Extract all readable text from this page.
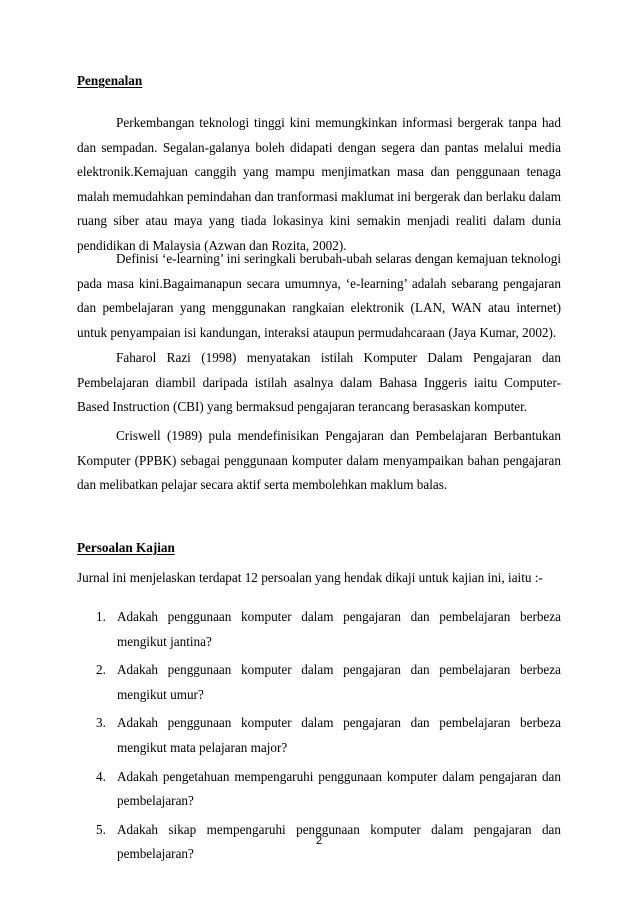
Pengenalan

Perkembangan teknologi tinggi kini memungkinkan informasi bergerak tanpa had dan sempadan. Segalan-galanya boleh didapati dengan segera dan pantas melalui media elektronik.Kemajuan canggih yang mampu menjimatkan masa dan penggunaan tenaga malah memudahkan pemindahan dan tranformasi maklumat ini bergerak dan berlaku dalam ruang siber atau maya yang tiada lokasinya kini semakin menjadi realiti dalam dunia pendidikan di Malaysia (Azwan dan Rozita, 2002).

Definisi ‘e-learning’ ini seringkali berubah-ubah selaras dengan kemajuan teknologi pada masa kini.Bagaimanapun secara umumnya, ‘e-learning’ adalah sebarang pengajaran dan pembelajaran yang menggunakan rangkaian elektronik (LAN, WAN atau internet) untuk penyampaian isi kandungan, interaksi ataupun permudahcaraan (Jaya Kumar, 2002).

Faharol Razi (1998) menyatakan istilah Komputer Dalam Pengajaran dan Pembelajaran diambil daripada istilah asalnya dalam Bahasa Inggeris iaitu Computer-Based Instruction (CBI) yang bermaksud pengajaran terancang berasaskan komputer.

Criswell (1989) pula mendefinisikan Pengajaran dan Pembelajaran Berbantukan Komputer (PPBK) sebagai penggunaan komputer dalam menyampaikan bahan pengajaran dan melibatkan pelajar secara aktif serta membolehkan maklum balas.

Persoalan Kajian
Jurnal ini menjelaskan terdapat 12 persoalan yang hendak dikaji untuk kajian ini, iaitu :-
1. Adakah penggunaan komputer dalam pengajaran dan pembelajaran berbeza mengikut jantina?
2. Adakah penggunaan komputer dalam pengajaran dan pembelajaran berbeza mengikut umur?
3. Adakah penggunaan komputer dalam pengajaran dan pembelajaran berbeza mengikut mata pelajaran major?
4. Adakah pengetahuan mempengaruhi penggunaan komputer dalam pengajaran dan pembelajaran?
5. Adakah sikap mempengaruhi penggunaan komputer dalam pengajaran dan pembelajaran?
2
